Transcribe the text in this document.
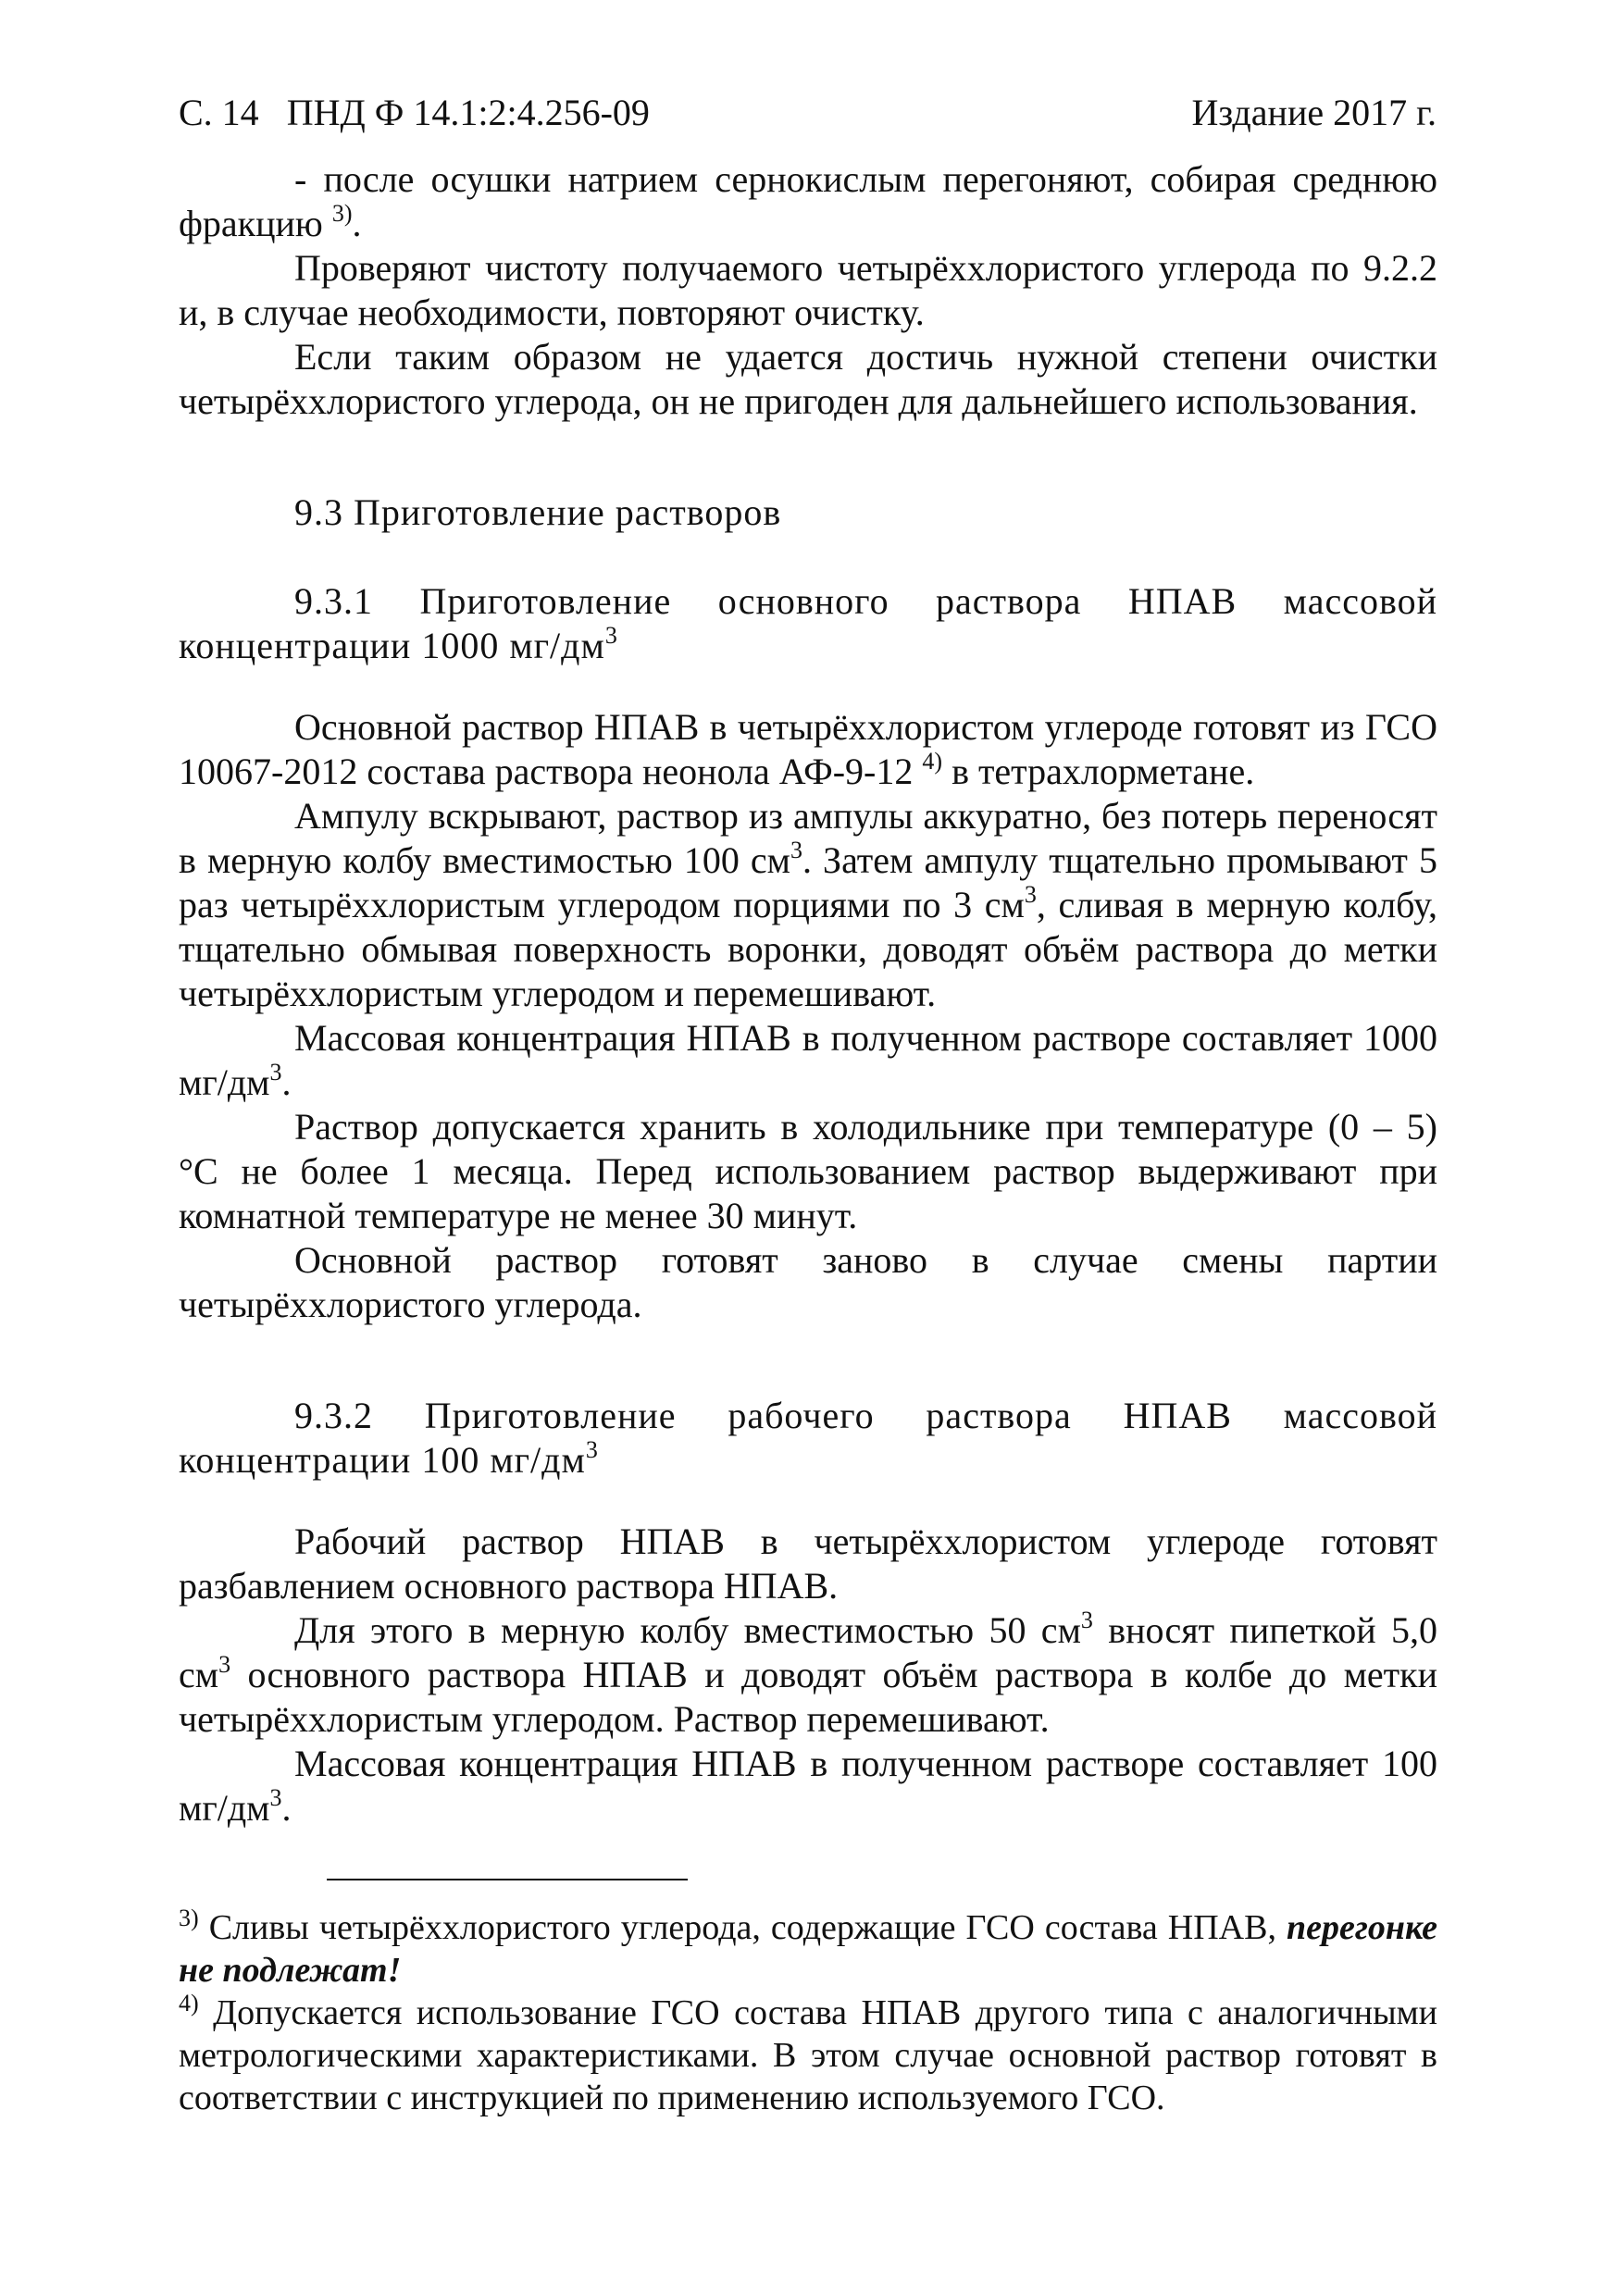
С. 14 ПНД Ф 14.1:2:4.256-09	Издание 2017 г.

- после осушки натрием сернокислым перегоняют, собирая среднюю фракцию $^{3)}$.

Проверяют чистоту получаемого четырёххлористого углерода по 9.2.2 и, в случае необходимости, повторяют очистку.

Если таким образом не удается достичь нужной степени очистки четырёххлористого углерода, он не пригоден для дальнейшего использования.

9.3 Приготовление растворов

9.3.1 Приготовление основного раствора НПАВ массовой концентрации 1000 $мг/дм^3$

Основной раствор НПАВ в четырёххлористом углероде готовят из ГСО 10067-2012 состава раствора неонола АФ-9-12 $^{4)}$ в тетрахлорметане.

Ампулу вскрывают, раствор из ампулы аккуратно, без потерь переносят в мерную колбу вместимостью 100 $см^3$. Затем ампулу тщательно промывают 5 раз четырёххлористым углеродом порциями по 3 $см^3$, сливая в мерную колбу, тщательно обмывая поверхность воронки, доводят объём раствора до метки четырёххлористым углеродом и перемешивают.

Массовая концентрация НПАВ в полученном растворе составляет 1000 $мг/дм^3$.

Раствор допускается хранить в холодильнике при температуре (0 – 5) °С не более 1 месяца. Перед использованием раствор выдерживают при комнатной температуре не менее 30 минут.

Основной раствор готовят заново в случае смены партии четырёххлористого углерода.

9.3.2 Приготовление рабочего раствора НПАВ массовой концентрации 100 $мг/дм^3$

Рабочий раствор НПАВ в четырёххлористом углероде готовят разбавлением основного раствора НПАВ.

Для этого в мерную колбу вместимостью 50 $см^3$ вносят пипеткой 5,0 $см^3$ основного раствора НПАВ и доводят объём раствора в колбе до метки четырёххлористым углеродом. Раствор перемешивают.

Массовая концентрация НПАВ в полученном растворе составляет 100 $мг/дм^3$.

$^{3)}$ Сливы четырёххлористого углерода, содержащие ГСО состава НПАВ, перегонке не подлежат!

$^{4)}$ Допускается использование ГСО состава НПАВ другого типа с аналогичными метрологическими характеристиками. В этом случае основной раствор готовят в соответствии с инструкцией по применению используемого ГСО.
